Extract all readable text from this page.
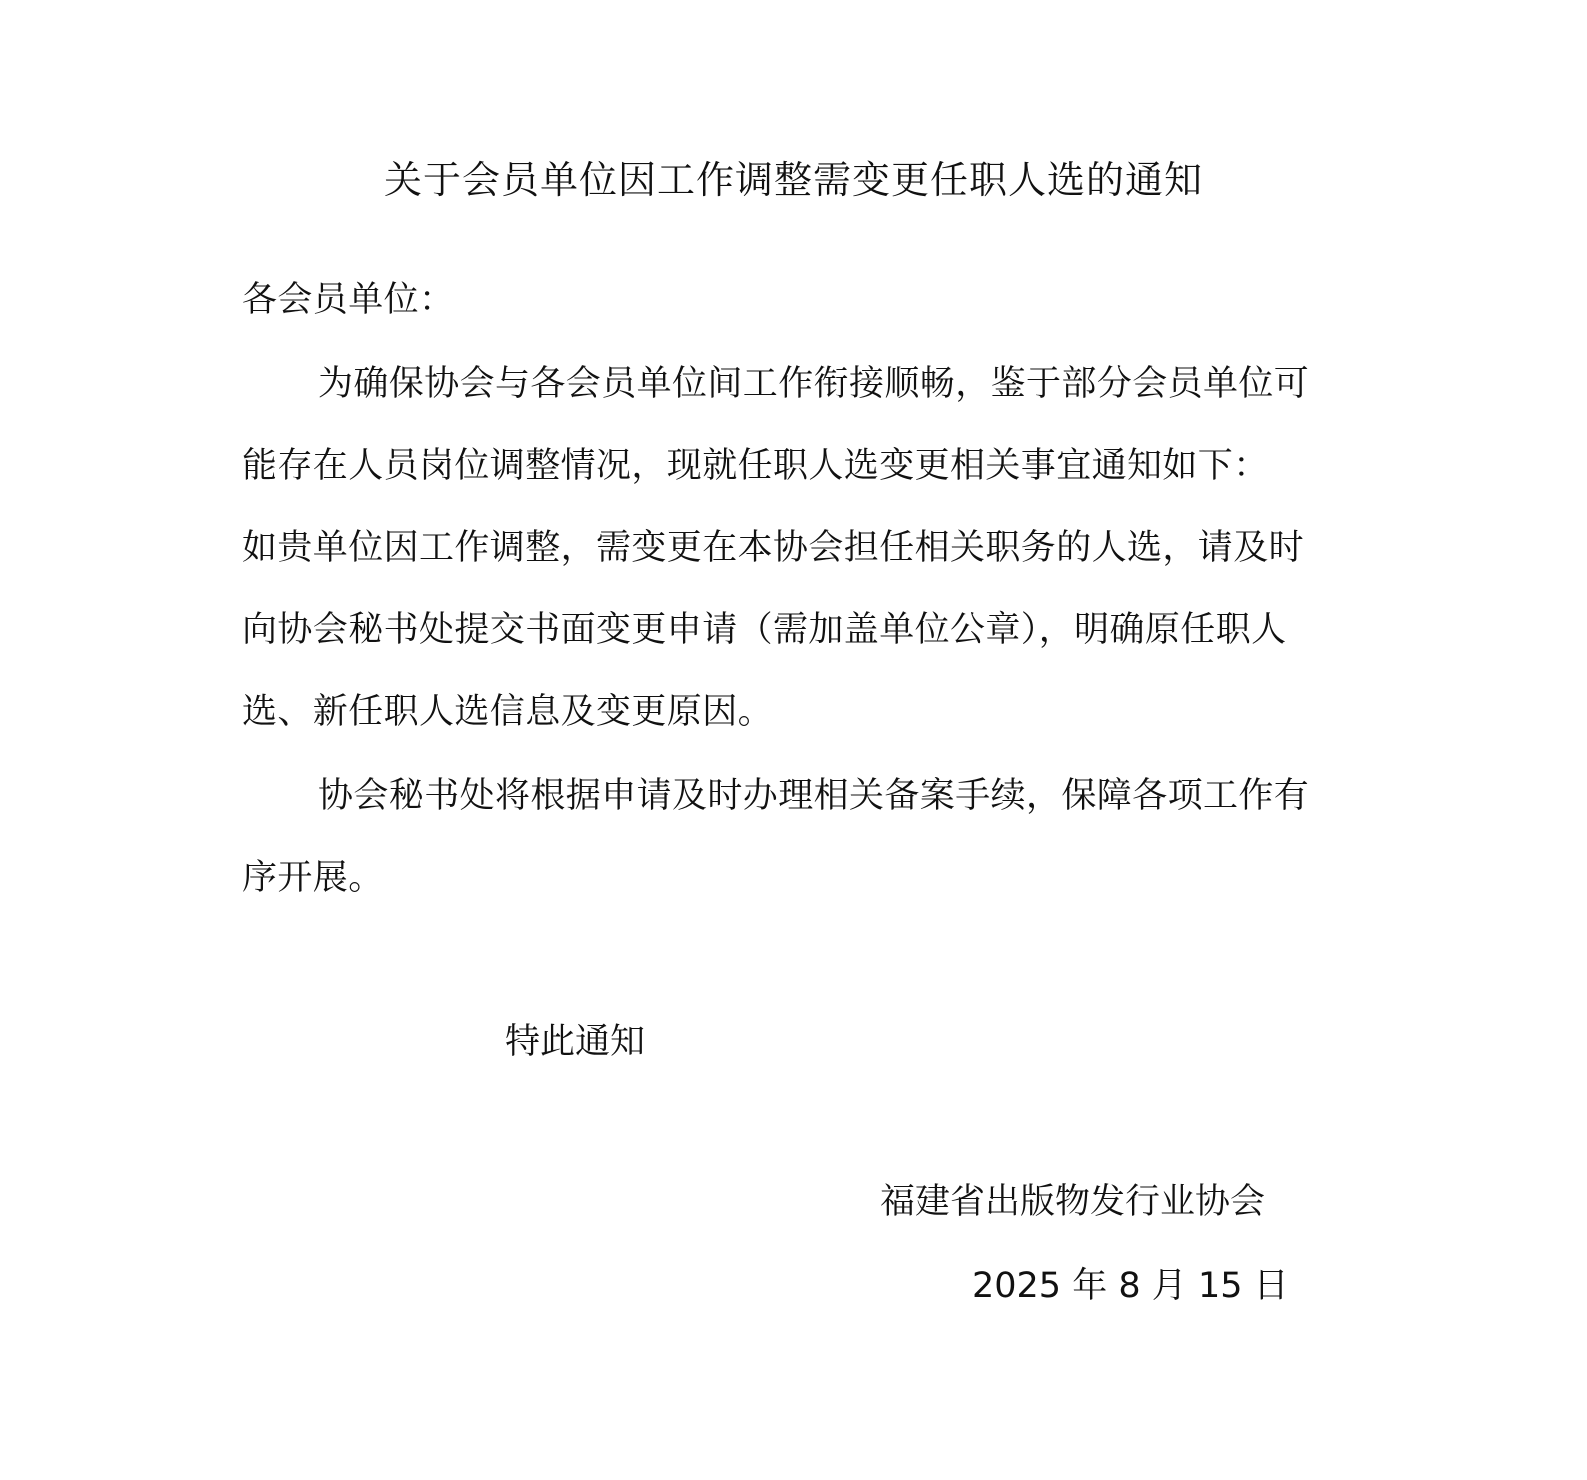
关于会员单位因工作调整需变更任职人选的通知
各会员单位：
为确保协会与各会员单位间工作衔接顺畅，鉴于部分会员单位可
能存在人员岗位调整情况，现就任职人选变更相关事宜通知如下：
如贵单位因工作调整，需变更在本协会担任相关职务的人选，请及时
向协会秘书处提交书面变更申请（需加盖单位公章），明确原任职人
选、新任职人选信息及变更原因。
协会秘书处将根据申请及时办理相关备案手续，保障各项工作有
序开展。
特此通知
福建省出版物发行业协会
2025 年 8 月 15 日
